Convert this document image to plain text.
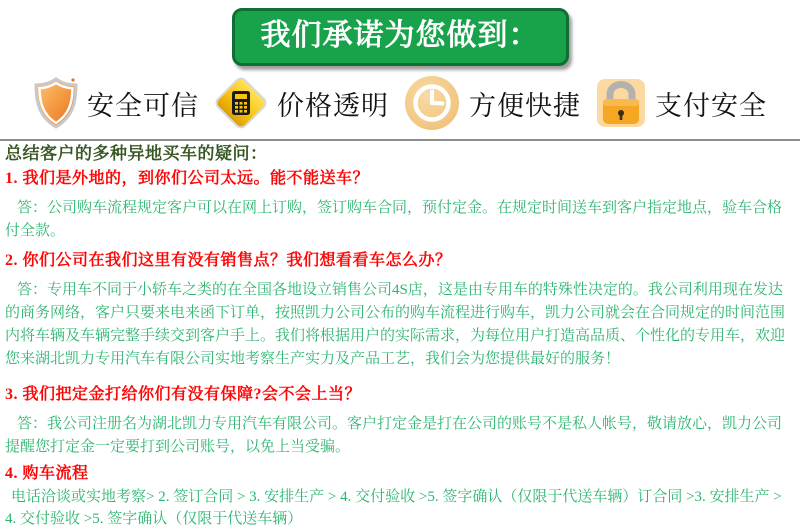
我们承诺为您做到：
安全可信	价格透明	方便快捷	支付安全
总结客户的多种异地买车的疑问：
1. 我们是外地的，到你们公司太远。能不能送车？
答：公司购车流程规定客户可以在网上订购，签订购车合同，预付定金。在规定时间送车到客户指定地点，验车合格付全款。
2. 你们公司在我们这里有没有销售点？我们想看看车怎么办？
答：专用车不同于小轿车之类的在全国各地设立销售公司4S店，这是由专用车的特殊性决定的。我公司利用现在发达的商务网络，客户只要来电来函下订单，按照凯力公司公布的购车流程进行购车，凯力公司就会在合同规定的时间范围内将车辆及车辆完整手续交到客户手上。我们将根据用户的实际需求，为每位用户打造高品质、个性化的专用车，欢迎您来湖北凯力专用汽车有限公司实地考察生产实力及产品工艺，我们会为您提供最好的服务！
3. 我们把定金打给你们有没有保障?会不会上当？
答：我公司注册名为湖北凯力专用汽车有限公司。客户打定金是打在公司的账号不是私人帐号，敬请放心，凯力公司提醒您打定金一定要打到公司账号，以免上当受骗。
4. 购车流程
电话洽谈或实地考察> 2. 签订合同 > 3. 安排生产 > 4. 交付验收 >5. 签字确认（仅限于代送车辆）订合同 >3. 安排生产 > 4. 交付验收 >5. 签字确认（仅限于代送车辆）
